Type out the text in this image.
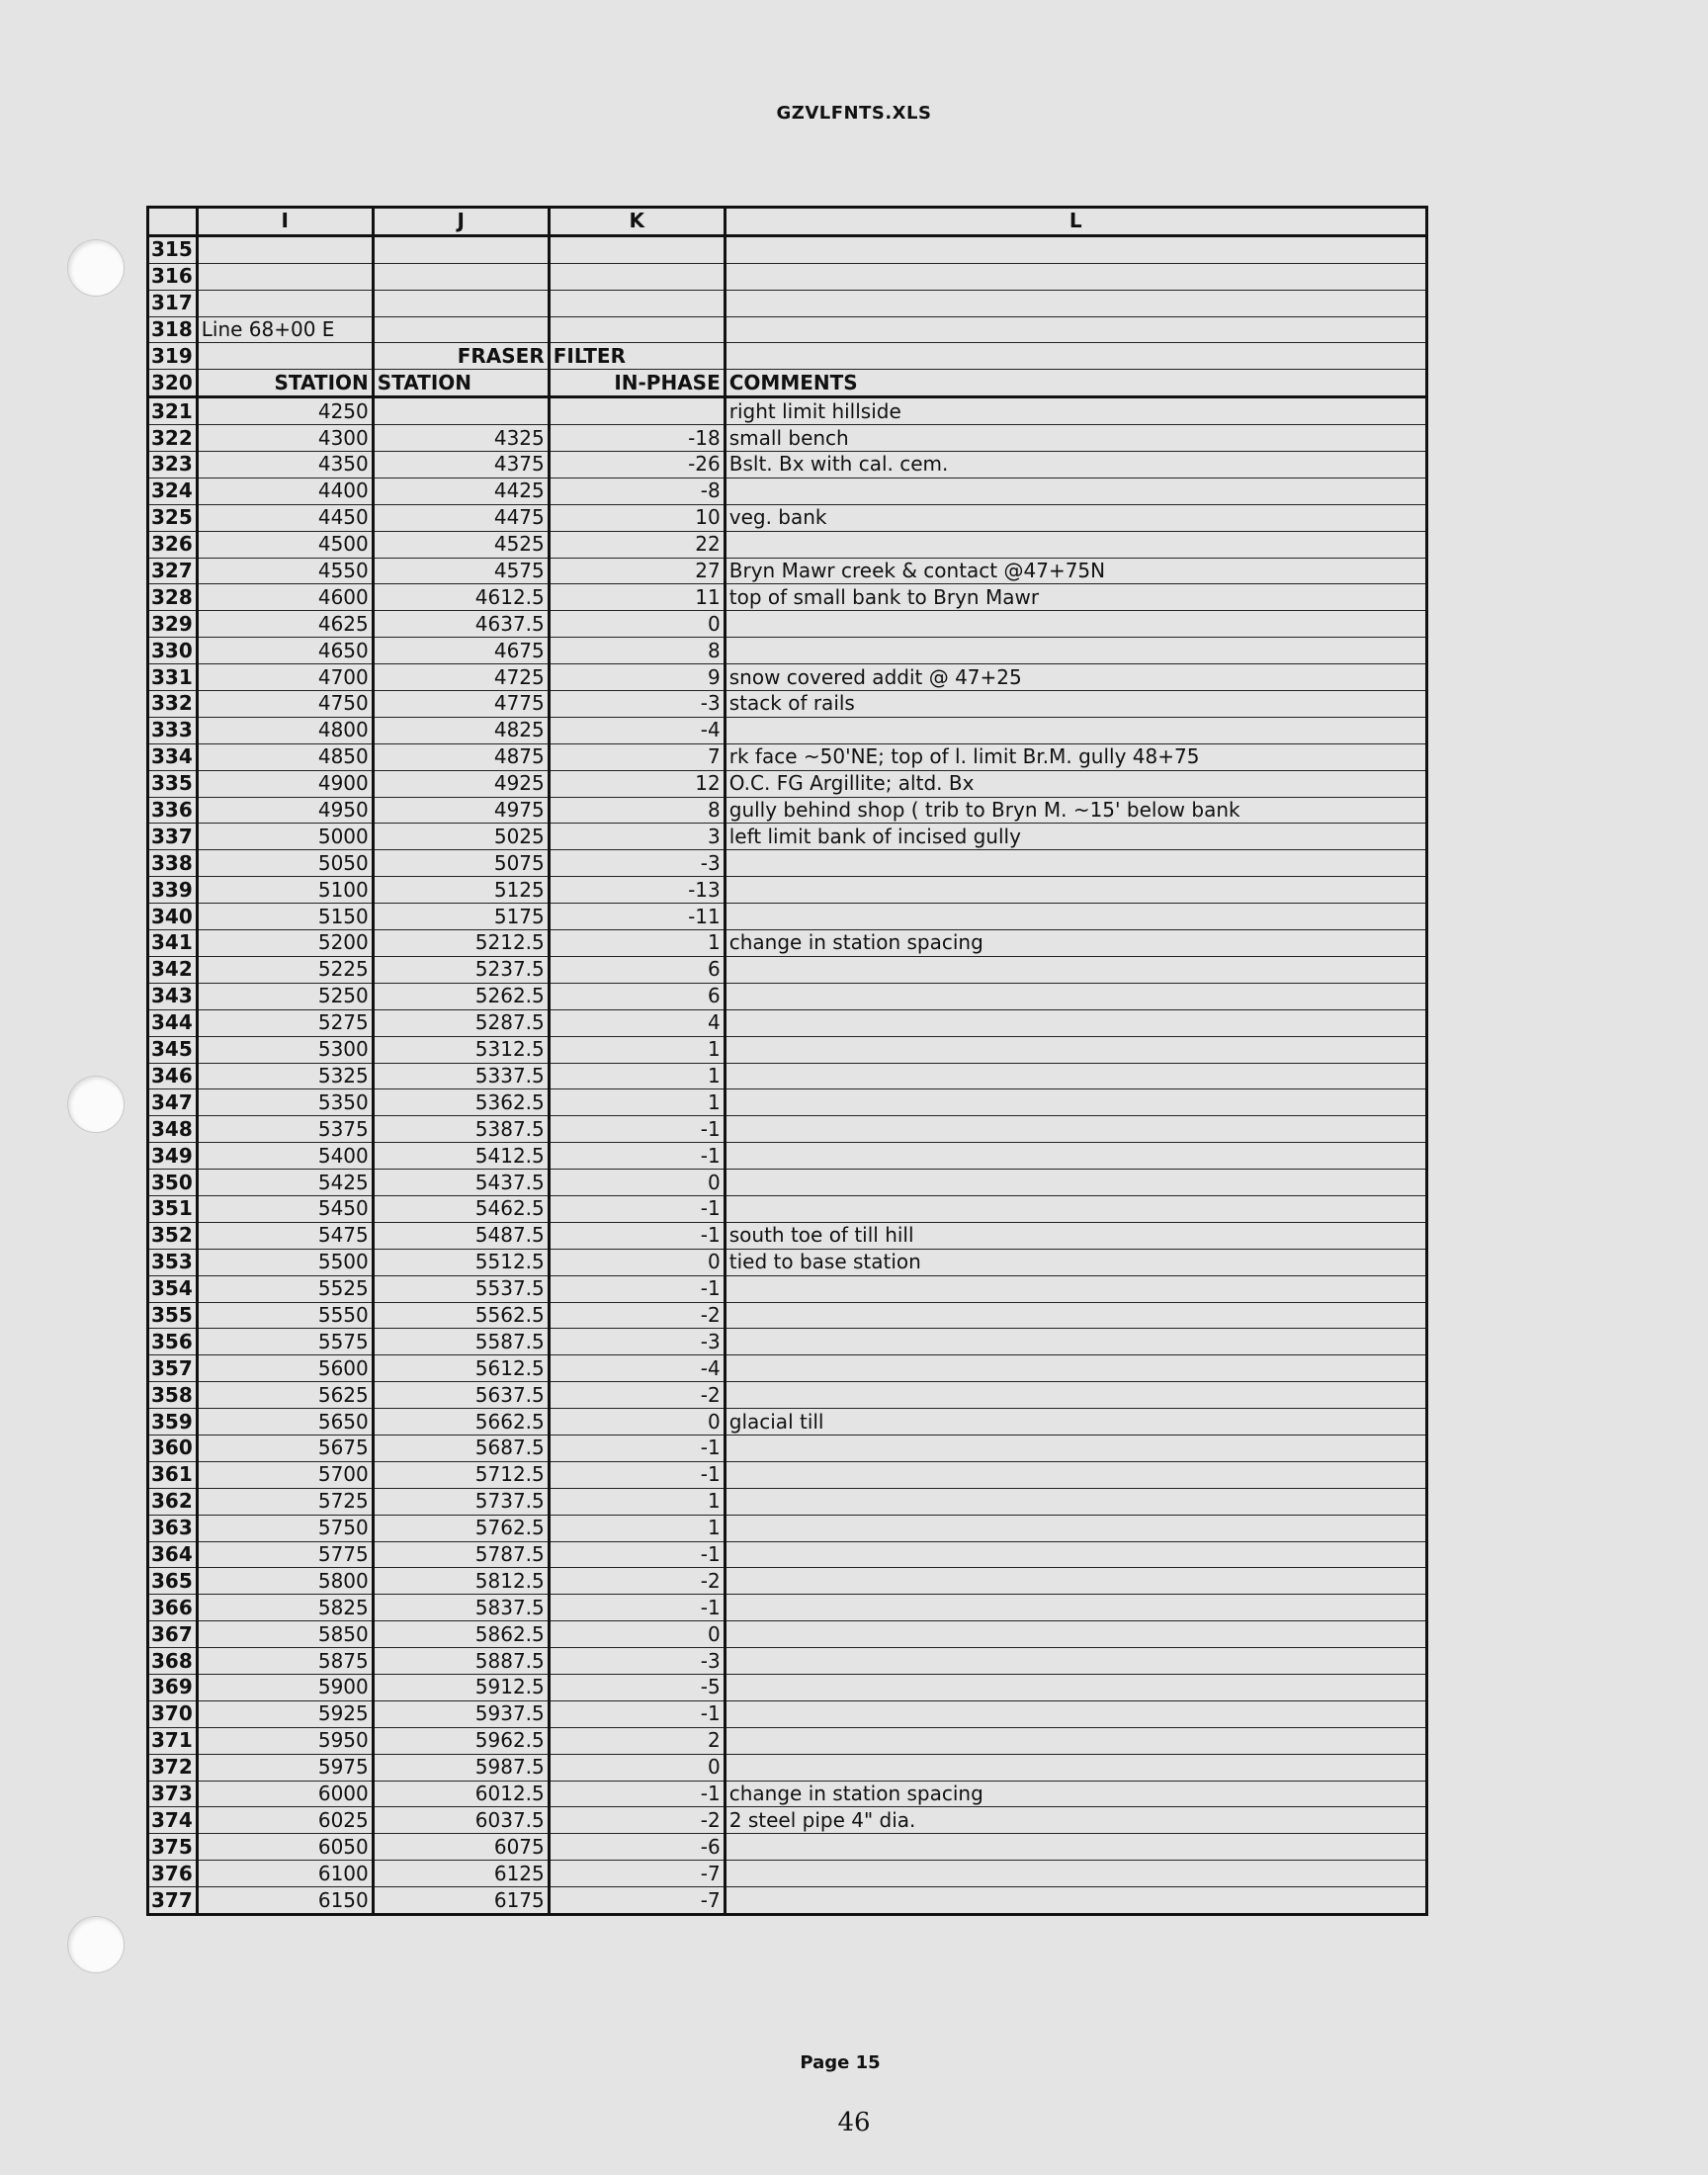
GZVLFNTS.XLS
	I	J	K	L
315				
316				
317				
318	Line 68+00 E			
319		FRASER	FILTER	
320	STATION	STATION	IN-PHASE	COMMENTS
321	4250			right limit hillside
322	4300	4325	-18	small bench
323	4350	4375	-26	Bslt. Bx with cal. cem.
324	4400	4425	-8	
325	4450	4475	10	veg. bank
326	4500	4525	22	
327	4550	4575	27	Bryn Mawr creek & contact @47+75N
328	4600	4612.5	11	top of small bank to Bryn Mawr
329	4625	4637.5	0	
330	4650	4675	8	
331	4700	4725	9	snow covered addit @ 47+25
332	4750	4775	-3	stack of rails
333	4800	4825	-4	
334	4850	4875	7	rk face ~50'NE; top of l. limit Br.M. gully 48+75
335	4900	4925	12	O.C. FG Argillite; altd. Bx
336	4950	4975	8	gully behind shop ( trib to Bryn M. ~15' below bank
337	5000	5025	3	left limit bank of incised gully
338	5050	5075	-3	
339	5100	5125	-13	
340	5150	5175	-11	
341	5200	5212.5	1	change in station spacing
342	5225	5237.5	6	
343	5250	5262.5	6	
344	5275	5287.5	4	
345	5300	5312.5	1	
346	5325	5337.5	1	
347	5350	5362.5	1	
348	5375	5387.5	-1	
349	5400	5412.5	-1	
350	5425	5437.5	0	
351	5450	5462.5	-1	
352	5475	5487.5	-1	south toe of till hill
353	5500	5512.5	0	tied to base station
354	5525	5537.5	-1	
355	5550	5562.5	-2	
356	5575	5587.5	-3	
357	5600	5612.5	-4	
358	5625	5637.5	-2	
359	5650	5662.5	0	glacial till
360	5675	5687.5	-1	
361	5700	5712.5	-1	
362	5725	5737.5	1	
363	5750	5762.5	1	
364	5775	5787.5	-1	
365	5800	5812.5	-2	
366	5825	5837.5	-1	
367	5850	5862.5	0	
368	5875	5887.5	-3	
369	5900	5912.5	-5	
370	5925	5937.5	-1	
371	5950	5962.5	2	
372	5975	5987.5	0	
373	6000	6012.5	-1	change in station spacing
374	6025	6037.5	-2	2 steel pipe 4" dia.
375	6050	6075	-6	
376	6100	6125	-7	
377	6150	6175	-7	
Page 15
46
